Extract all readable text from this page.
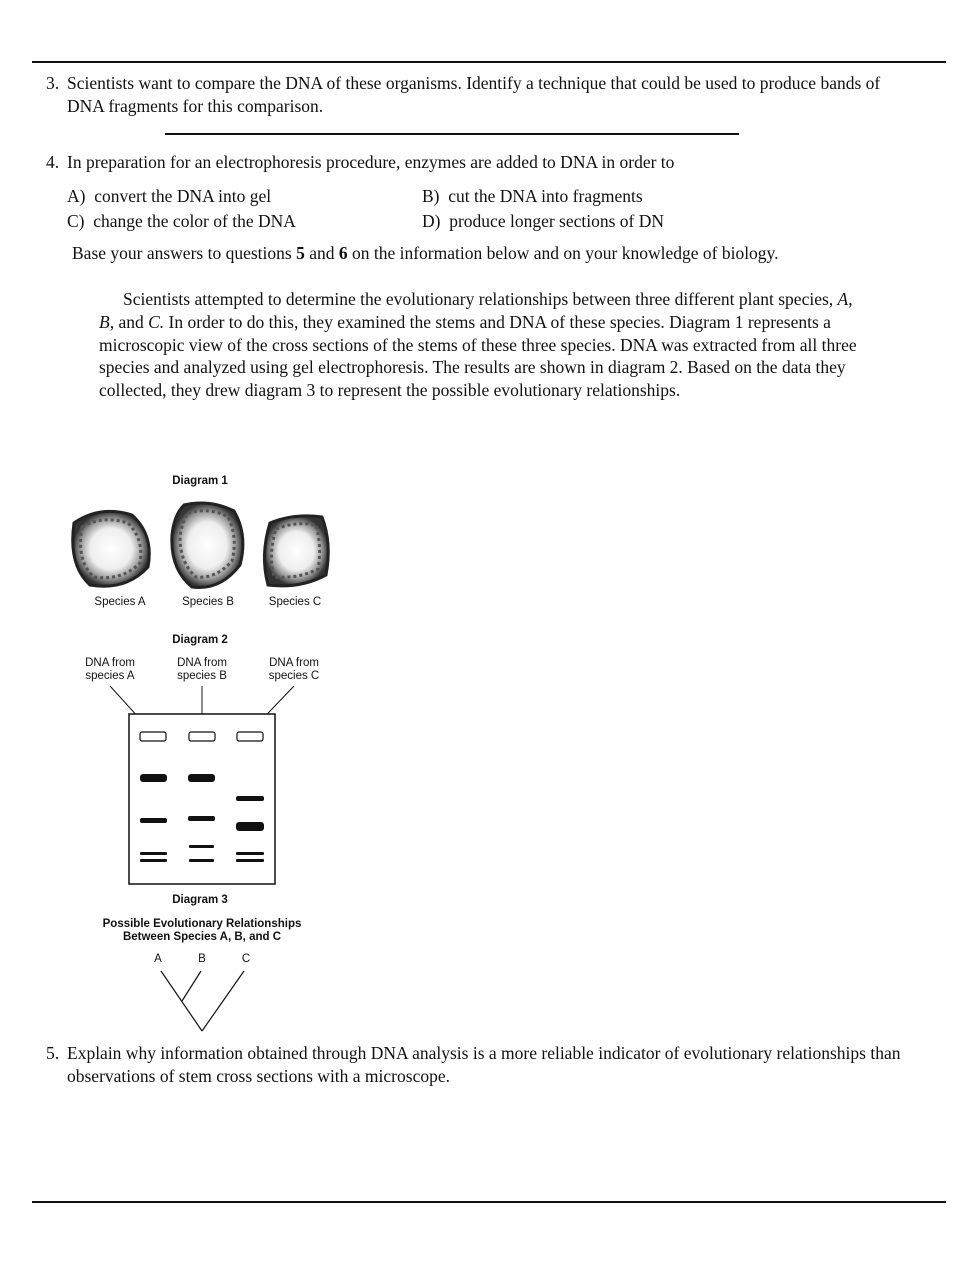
3. Scientists want to compare the DNA of these organisms. Identify a technique that could be used to produce bands of DNA fragments for this comparison.
4. In preparation for an electrophoresis procedure, enzymes are added to DNA in order to
A) convert the DNA into gel	B) cut the DNA into fragments
C) change the color of the DNA	D) produce longer sections of DN
Base your answers to questions 5 and 6 on the information below and on your knowledge of biology.
Scientists attempted to determine the evolutionary relationships between three different plant species, A, B, and C. In order to do this, they examined the stems and DNA of these species. Diagram 1 represents a microscopic view of the cross sections of the stems of these three species. DNA was extracted from all three species and analyzed using gel electrophoresis. The results are shown in diagram 2. Based on the data they collected, they drew diagram 3 to represent the possible evolutionary relationships.
Diagram 1
Species A	Species B	Species C
Diagram 2
DNA from
species A
DNA from
species B
DNA from
species C
Diagram 3
Possible Evolutionary Relationships
Between Species A, B, and C
A	B	C
5. Explain why information obtained through DNA analysis is a more reliable indicator of evolutionary relationships than observations of stem cross sections with a microscope.
